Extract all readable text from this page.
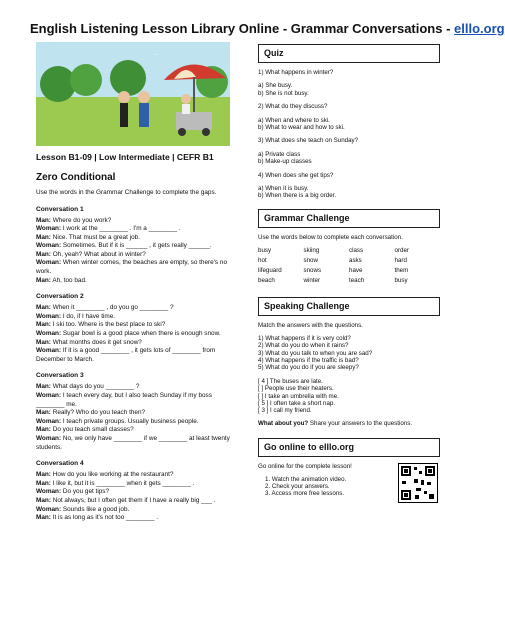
English Listening Lesson Library Online - Grammar Conversations - elllo.org
Lesson B1-09 | Low Intermediate | CEFR B1
Zero Conditional
Use the words in the Grammar Challenge to complete the gaps.
Conversation 1
Man: Where do you work?
Woman: I work at the ________ . I'm a ________ .
Man: Nice. That must be a great job.
Woman: Sometimes. But if it is ______ , it gets really ______.
Man: Oh, yeah? What about in winter?
Woman: When winter comes, the beaches are empty, so there's no work.
Man: Ah, too bad.
Conversation 2
Man: When it ________ , do you go ________ ?
Woman: I do, if I have time.
Man: I ski too. Where is the best place to ski?
Woman: Sugar bowl is a good place when there is enough snow.
Man: What months does it get snow?
Woman: If it is a good ________ , it gets lots of ________ from December to March.
Conversation 3
Man: What days do you ________ ?
Woman: I teach every day, but I also teach Sunday if my boss ________ me.
Man: Really? Who do you teach then?
Woman: I teach private groups. Usually business people.
Man: Do you teach small classes?
Woman: No, we only have ________ if we ________ at least twenty students.
Conversation 4
Man: How do you like working at the restaurant?
Man: I like it, but it is ________ when it gets ________ .
Woman: Do you get tips?
Man: Not always, but I often get them if I have a really big ___ .
Woman: Sounds like a good job.
Man: It is as long as it's not too ________ .
Quiz
1) What happens in winter?
a) She busy.
b) She is not busy.
2) What do they discuss?
a) When and where to ski.
b) What to wear and how to ski.
3) What does she teach on Sunday?
a) Private class
b) Make-up classes
4) When does she get tips?
a) When it is busy.
b) When there is a big order.
Grammar Challenge
Use the words below to complete each conversation.
busy	skiing	class	order
hot	snow	asks	hard
lifeguard	snows	have	them
beach	winter	teach	busy
Speaking Challenge
Match the answers with the questions.
1) What happens if it is very cold?
2) What do you do when it rains?
3) What do you talk to when you are sad?
4) What happens if the traffic is bad?
5) What do you do if you are sleepy?
[ 4 ] The buses are late.
[ ] People use their heaters.
[ ] I take an umbrella with me.
[ 5 ] I often take a short nap.
[ 3 ] I call my friend.
What about you? Share your answers to the questions.
Go online to elllo.org
Go online for the complete lesson!
1. Watch the animation video.
2. Check your answers.
3. Access more free lessons.
